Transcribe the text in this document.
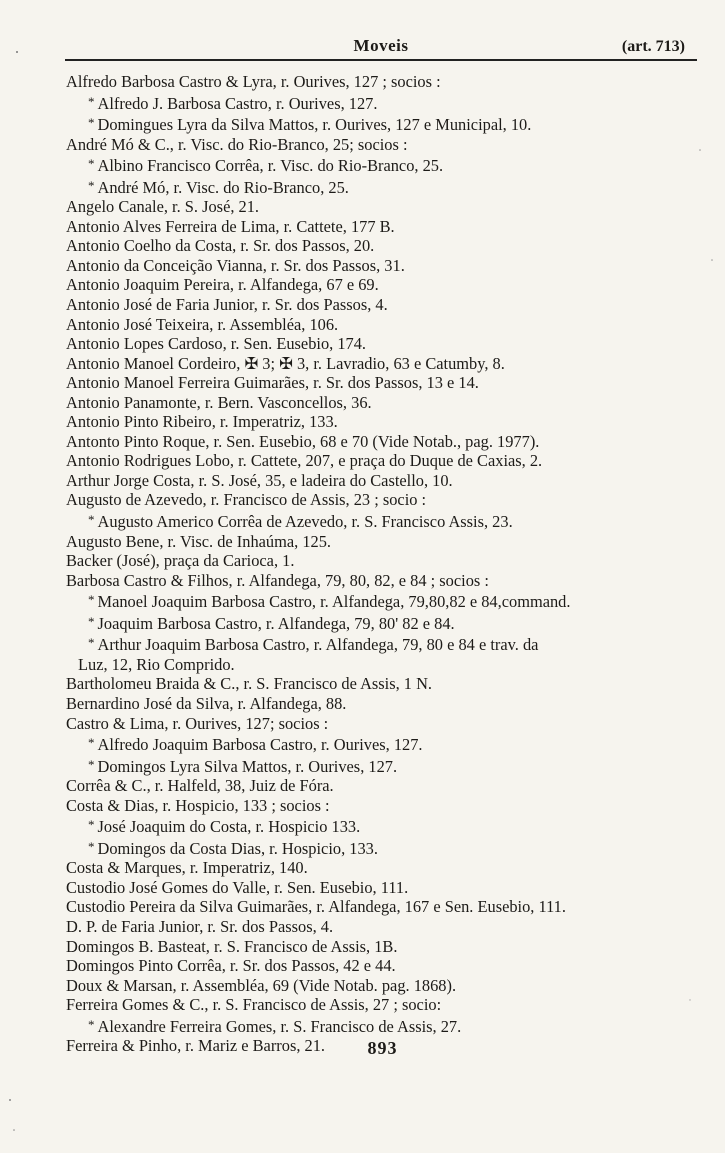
Moveis	(art. 713)
Alfredo Barbosa Castro & Lyra, r. Ourives, 127 ; socios :
* Alfredo J. Barbosa Castro, r. Ourives, 127.
* Domingues Lyra da Silva Mattos, r. Ourives, 127 e Municipal, 10.
André Mó & C., r. Visc. do Rio-Branco, 25; socios :
* Albino Francisco Corrêa, r. Visc. do Rio-Branco, 25.
* André Mó, r. Visc. do Rio-Branco, 25.
Angelo Canale, r. S. José, 21.
Antonio Alves Ferreira de Lima, r. Cattete, 177 B.
Antonio Coelho da Costa, r. Sr. dos Passos, 20.
Antonio da Conceição Vianna, r. Sr. dos Passos, 31.
Antonio Joaquim Pereira, r. Alfandega, 67 e 69.
Antonio José de Faria Junior, r. Sr. dos Passos, 4.
Antonio José Teixeira, r. Assembléa, 106.
Antonio Lopes Cardoso, r. Sen. Eusebio, 174.
Antonio Manoel Cordeiro, ✠ 3; ✠ 3, r. Lavradio, 63 e Catumby, 8.
Antonio Manoel Ferreira Guimarães, r. Sr. dos Passos, 13 e 14.
Antonio Panamonte, r. Bern. Vasconcellos, 36.
Antonio Pinto Ribeiro, r. Imperatriz, 133.
Antonto Pinto Roque, r. Sen. Eusebio, 68 e 70 (Vide Notab., pag. 1977).
Antonio Rodrigues Lobo, r. Cattete, 207, e praça do Duque de Caxias, 2.
Arthur Jorge Costa, r. S. José, 35, e ladeira do Castello, 10.
Augusto de Azevedo, r. Francisco de Assis, 23 ; socio :
* Augusto Americo Corrêa de Azevedo, r. S. Francisco Assis, 23.
Augusto Bene, r. Visc. de Inhaúma, 125.
Backer (José), praça da Carioca, 1.
Barbosa Castro & Filhos, r. Alfandega, 79, 80, 82, e 84 ; socios :
* Manoel Joaquim Barbosa Castro, r. Alfandega, 79,80,82 e 84,command.
* Joaquim Barbosa Castro, r. Alfandega, 79, 80' 82 e 84.
* Arthur Joaquim Barbosa Castro, r. Alfandega, 79, 80 e 84 e trav. da
Luz, 12, Rio Comprido.
Bartholomeu Braida & C., r. S. Francisco de Assis, 1 N.
Bernardino José da Silva, r. Alfandega, 88.
Castro & Lima, r. Ourives, 127; socios :
* Alfredo Joaquim Barbosa Castro, r. Ourives, 127.
* Domingos Lyra Silva Mattos, r. Ourives, 127.
Corrêa & C., r. Halfeld, 38, Juiz de Fóra.
Costa & Dias, r. Hospicio, 133 ; socios :
* José Joaquim do Costa, r. Hospicio 133.
* Domingos da Costa Dias, r. Hospicio, 133.
Costa & Marques, r. Imperatriz, 140.
Custodio José Gomes do Valle, r. Sen. Eusebio, 111.
Custodio Pereira da Silva Guimarães, r. Alfandega, 167 e Sen. Eusebio, 111.
D. P. de Faria Junior, r. Sr. dos Passos, 4.
Domingos B. Basteat, r. S. Francisco de Assis, 1B.
Domingos Pinto Corrêa, r. Sr. dos Passos, 42 e 44.
Doux & Marsan, r. Assembléa, 69 (Vide Notab. pag. 1868).
Ferreira Gomes & C., r. S. Francisco de Assis, 27 ; socio:
* Alexandre Ferreira Gomes, r. S. Francisco de Assis, 27.
Ferreira & Pinho, r. Mariz e Barros, 21.	893
